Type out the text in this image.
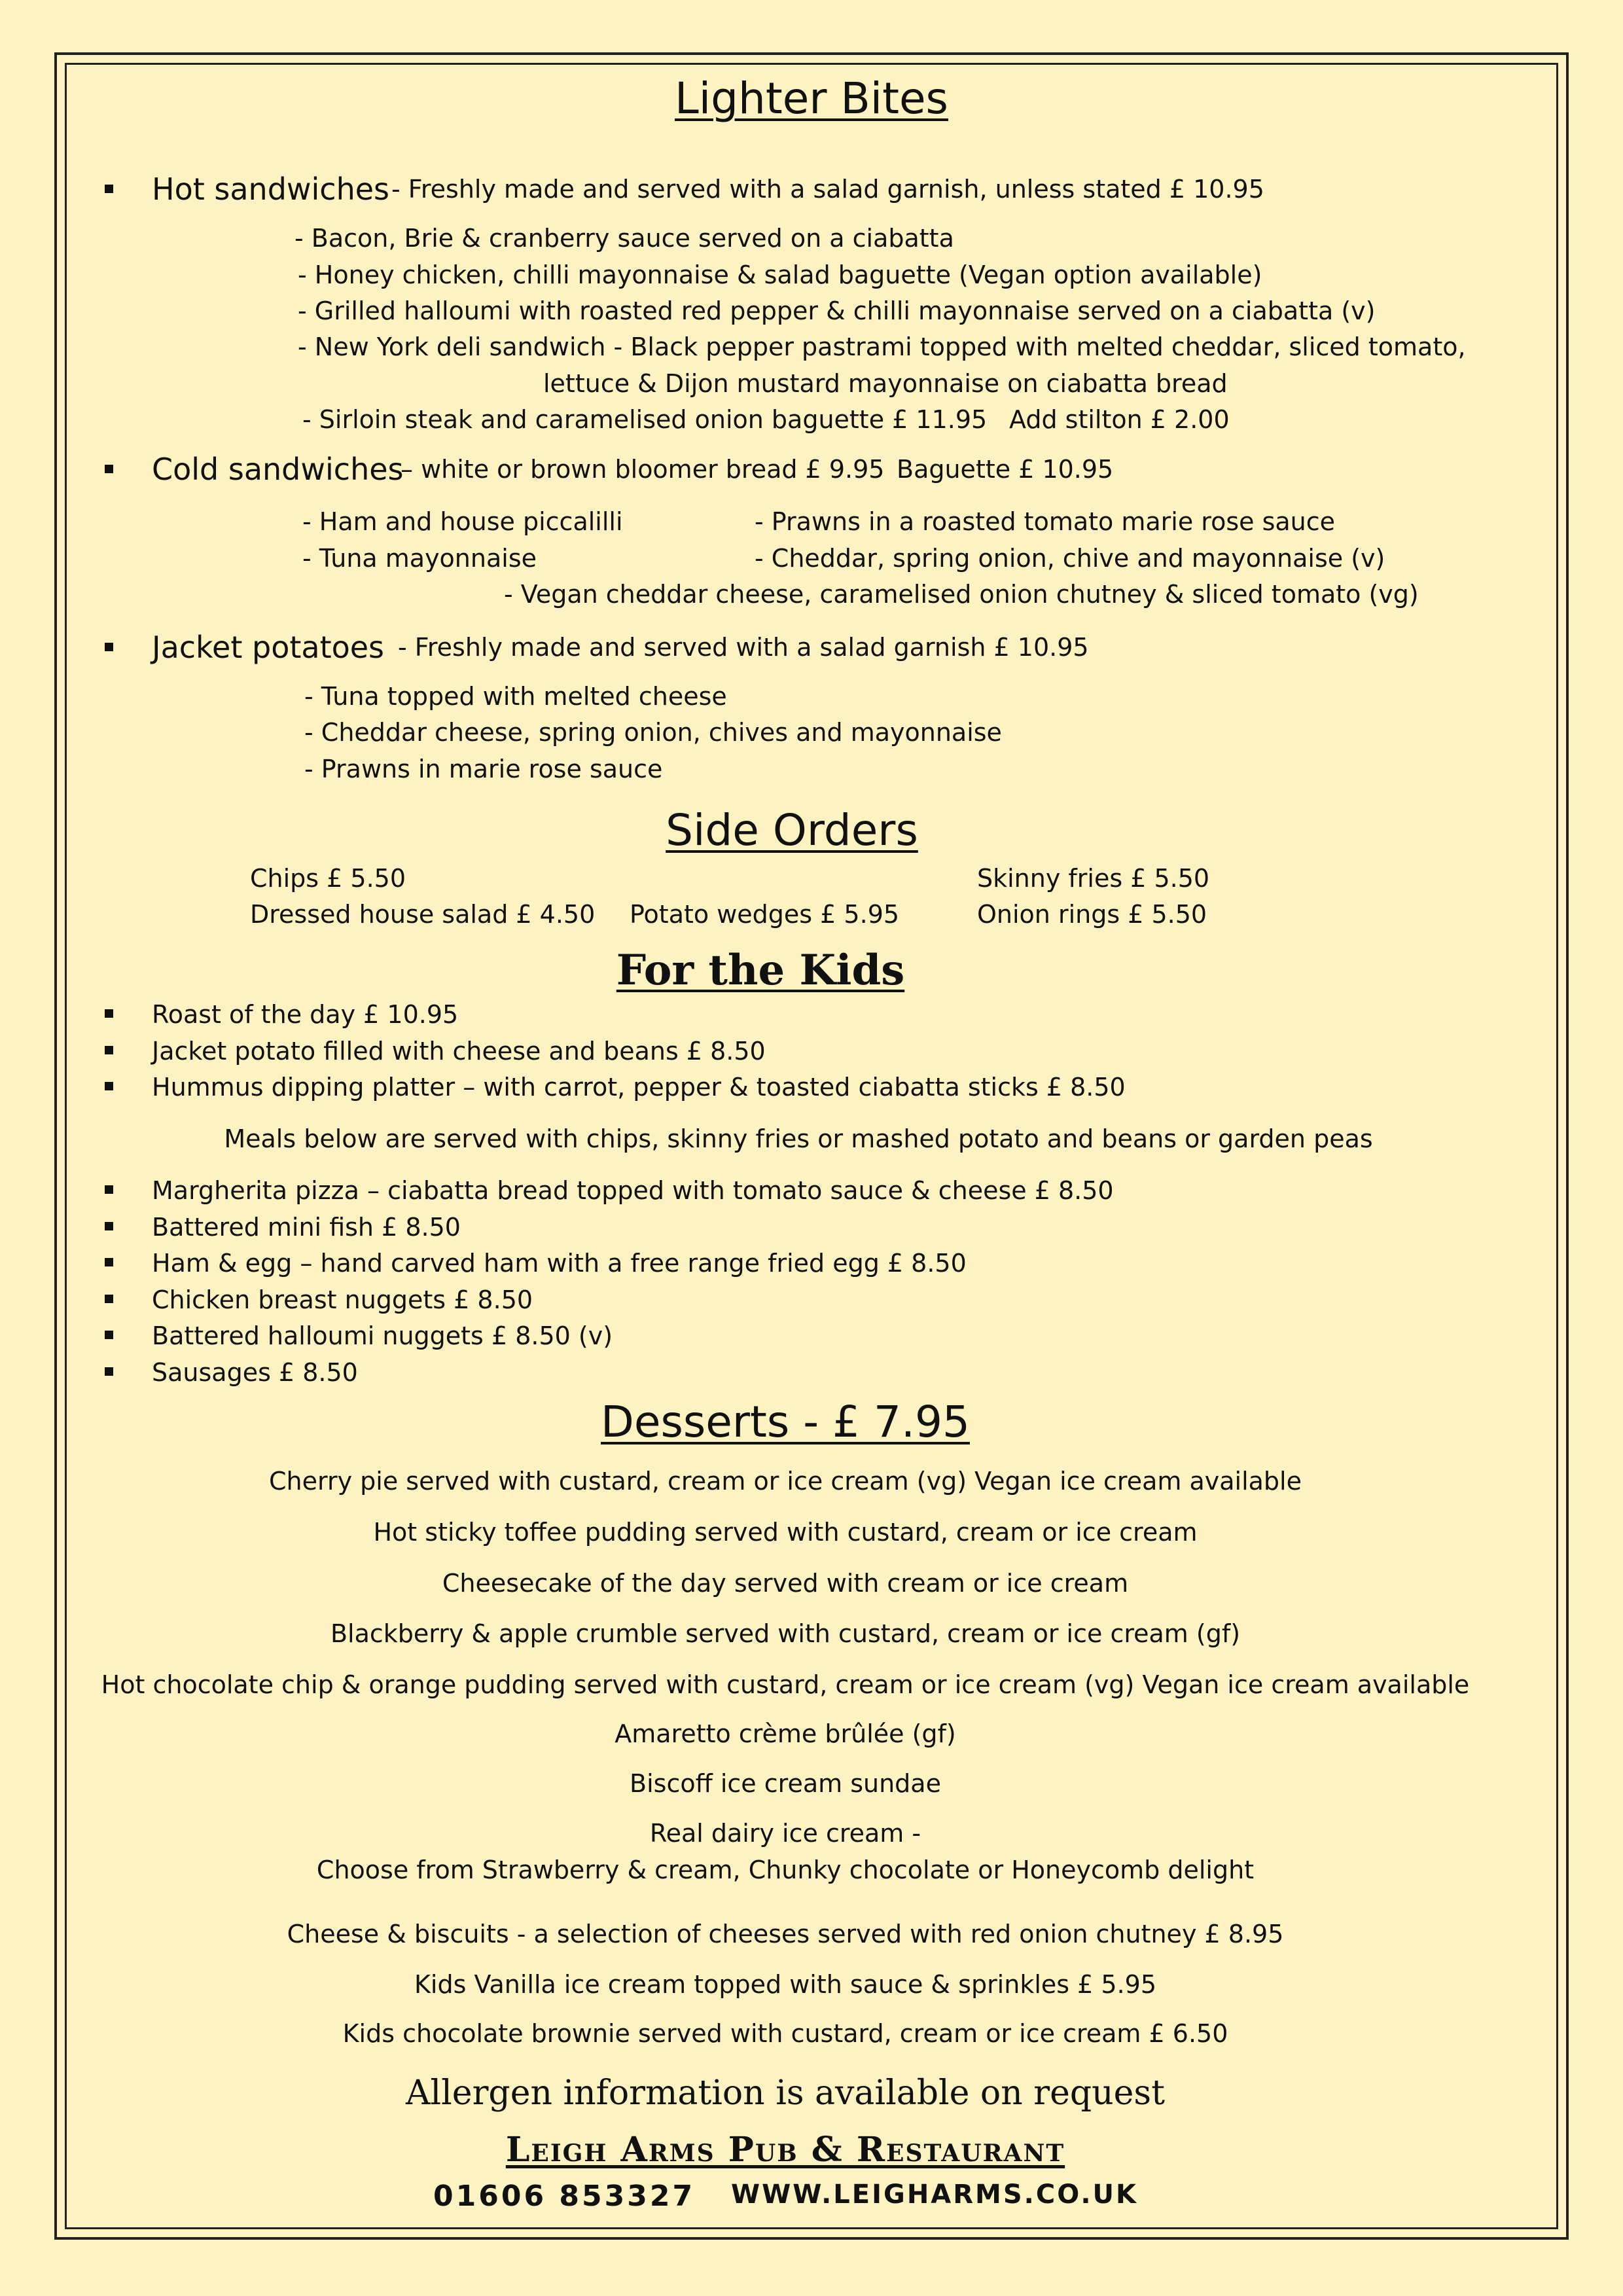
Lighter Bites
Hot sandwiches - Freshly made and served with a salad garnish, unless stated £ 10.95
- Bacon, Brie & cranberry sauce served on a ciabatta
- Honey chicken, chilli mayonnaise & salad baguette (Vegan option available)
- Grilled halloumi with roasted red pepper & chilli mayonnaise served on a ciabatta (v)
- New York deli sandwich - Black pepper pastrami topped with melted cheddar, sliced tomato,
lettuce & Dijon mustard mayonnaise on ciabatta bread
- Sirloin steak and caramelised onion baguette £ 11.95 Add stilton £ 2.00
Cold sandwiches
– white or brown bloomer bread £ 9.95 Baguette £ 10.95
- Ham and house piccalilli
- Tuna mayonnaise
- Prawns in a roasted tomato marie rose sauce
- Cheddar, spring onion, chive and mayonnaise (v)
- Vegan cheddar cheese, caramelised onion chutney & sliced tomato (vg)
Jacket potatoes - Freshly made and served with a salad garnish £ 10.95
- Tuna topped with melted cheese
- Cheddar cheese, spring onion, chives and mayonnaise
- Prawns in marie rose sauce
Side Orders
Chips £ 5.50
Dressed house salad £ 4.50 Potato wedges £ 5.95
Skinny fries £ 5.50
Onion rings £ 5.50
For the Kids
Roast of the day £ 10.95
Jacket potato filled with cheese and beans £ 8.50
Hummus dipping platter – with carrot, pepper & toasted ciabatta sticks £ 8.50
Meals below are served with chips, skinny fries or mashed potato and beans or garden peas
Margherita pizza – ciabatta bread topped with tomato sauce & cheese £ 8.50
Battered mini fish £ 8.50
Ham & egg – hand carved ham with a free range fried egg £ 8.50
Chicken breast nuggets £ 8.50
Battered halloumi nuggets £ 8.50 (v)
Sausages £ 8.50
Desserts - £ 7.95
Cherry pie served with custard, cream or ice cream (vg) Vegan ice cream available
Hot sticky toffee pudding served with custard, cream or ice cream
Cheesecake of the day served with cream or ice cream
Blackberry & apple crumble served with custard, cream or ice cream (gf)
Hot chocolate chip & orange pudding served with custard, cream or ice cream (vg) Vegan ice cream available
Amaretto crème brûlée (gf)
Biscoff ice cream sundae
Real dairy ice cream -
Choose from Strawberry & cream, Chunky chocolate or Honeycomb delight
Cheese & biscuits - a selection of cheeses served with red onion chutney £ 8.95
Kids Vanilla ice cream topped with sauce & sprinkles £ 5.95
Kids chocolate brownie served with custard, cream or ice cream £ 6.50
Allergen information is available on request
Leigh Arms Pub & Restaurant
01606 853327 WWW.LEIGHARMS.CO.UK
